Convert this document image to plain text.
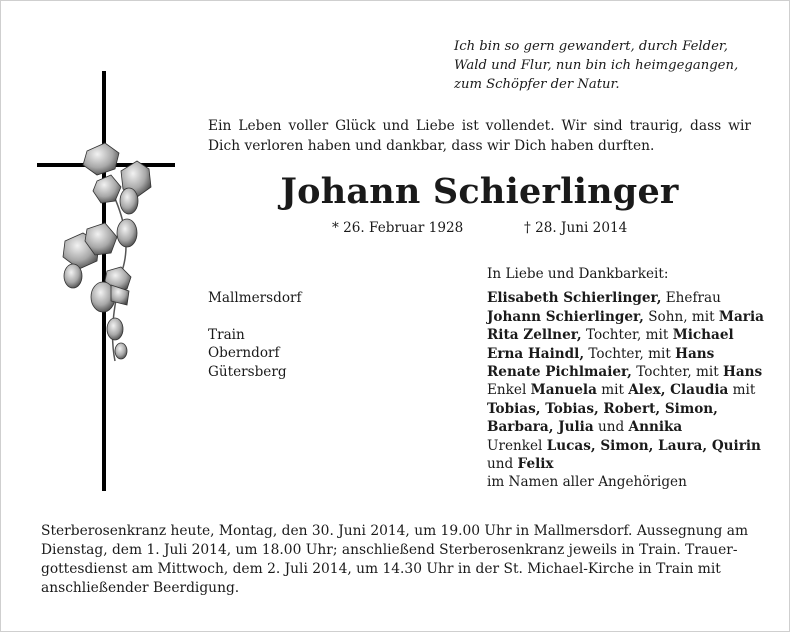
Ich bin so gern gewandert, durch Felder,
Wald und Flur, nun bin ich heimgegangen,
zum Schöpfer der Natur.
Ein Leben voller Glück und Liebe ist vollendet. Wir sind traurig, dass wir Dich verloren haben und dankbar, dass wir Dich haben durften.
Johann Schierlinger
* 26. Februar 1928	† 28. Juni 2014
Mallmersdorf

Train
Oberndorf
Gütersberg
In Liebe und Dankbarkeit:
Elisabeth Schierlinger, Ehefrau
Johann Schierlinger, Sohn, mit Maria
Rita Zellner, Tochter, mit Michael
Erna Haindl, Tochter, mit Hans
Renate Pichlmaier, Tochter, mit Hans
Enkel Manuela mit Alex, Claudia mit
Tobias, Tobias, Robert, Simon,
Barbara, Julia und Annika
Urenkel Lucas, Simon, Laura, Quirin
und Felix
im Namen aller Angehörigen
Sterberosenkranz heute, Montag, den 30. Juni 2014, um 19.00 Uhr in Mallmersdorf. Aussegnung am
Dienstag, dem 1. Juli 2014, um 18.00 Uhr; anschließend Sterberosenkranz jeweils in Train. Trauer-
gottesdienst am Mittwoch, dem 2. Juli 2014, um 14.30 Uhr in der St. Michael-Kirche in Train mit
anschließender Beerdigung.
